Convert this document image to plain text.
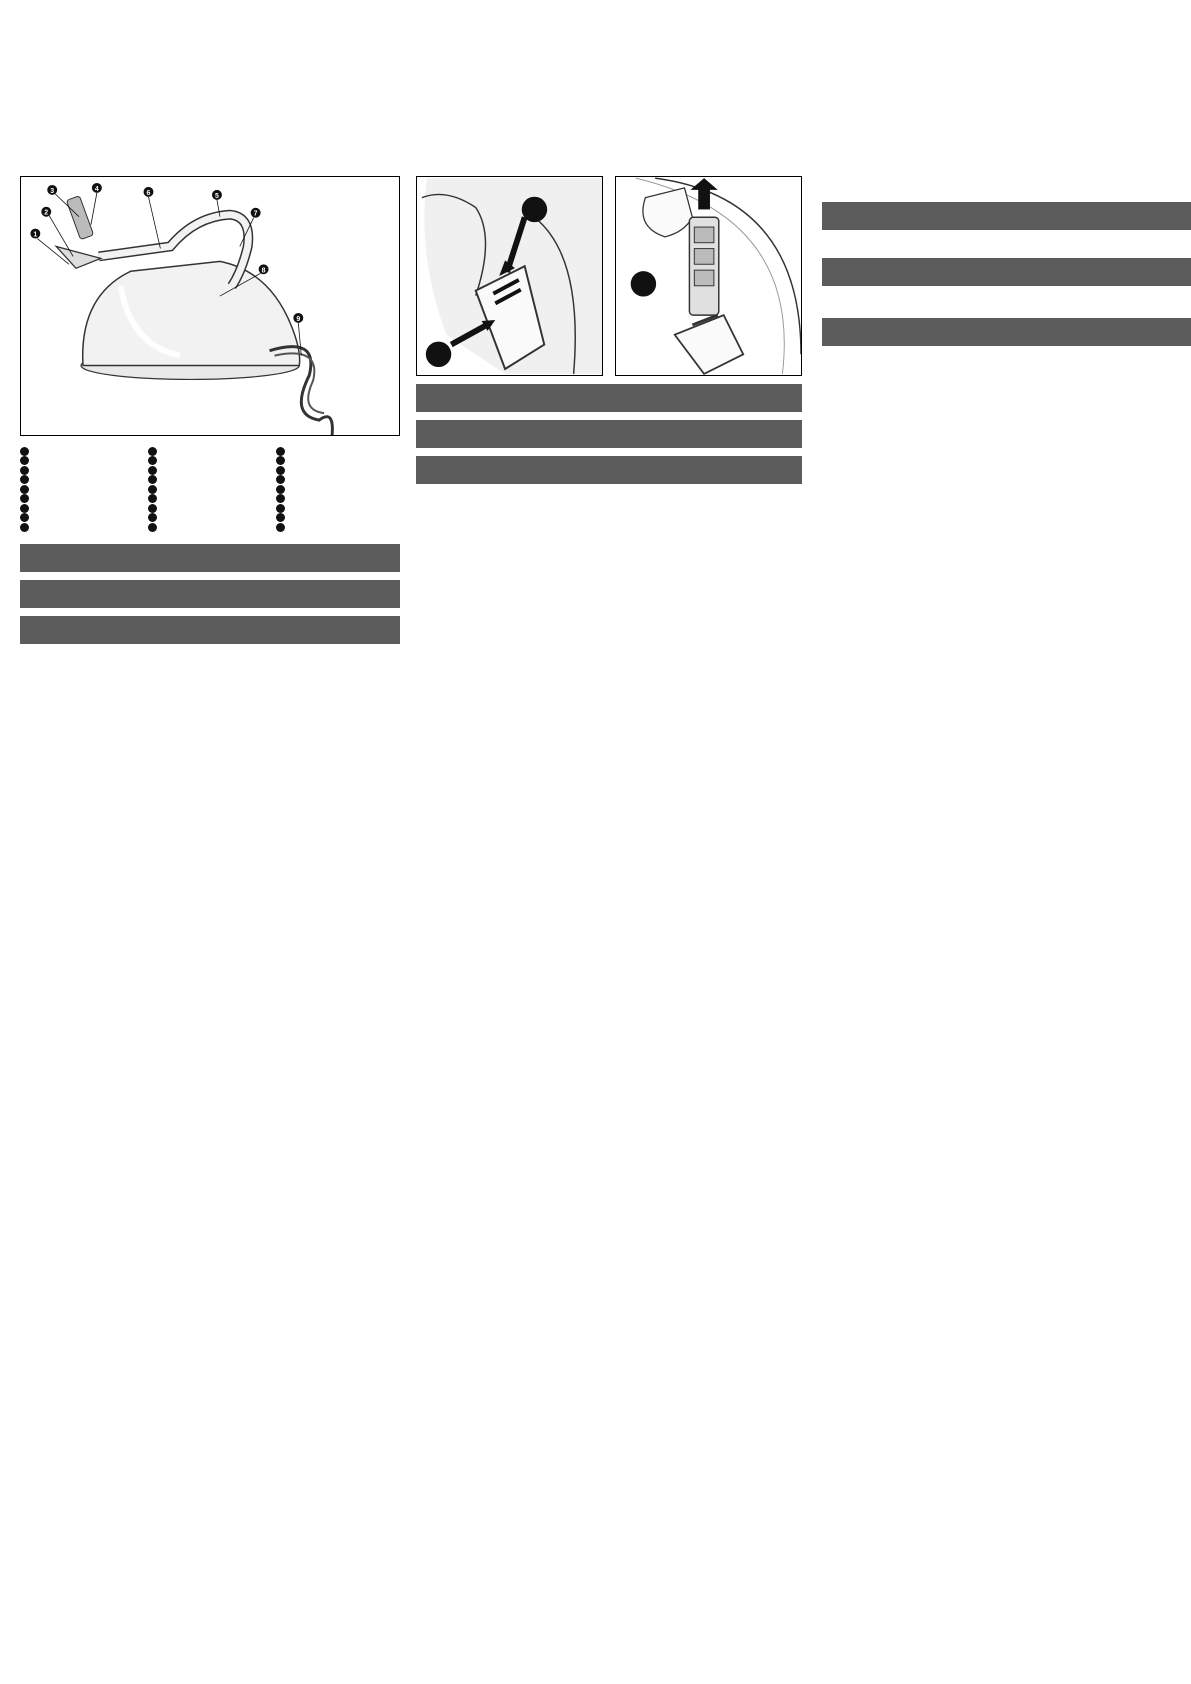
3	4
6	5
2
1
7
8
9
